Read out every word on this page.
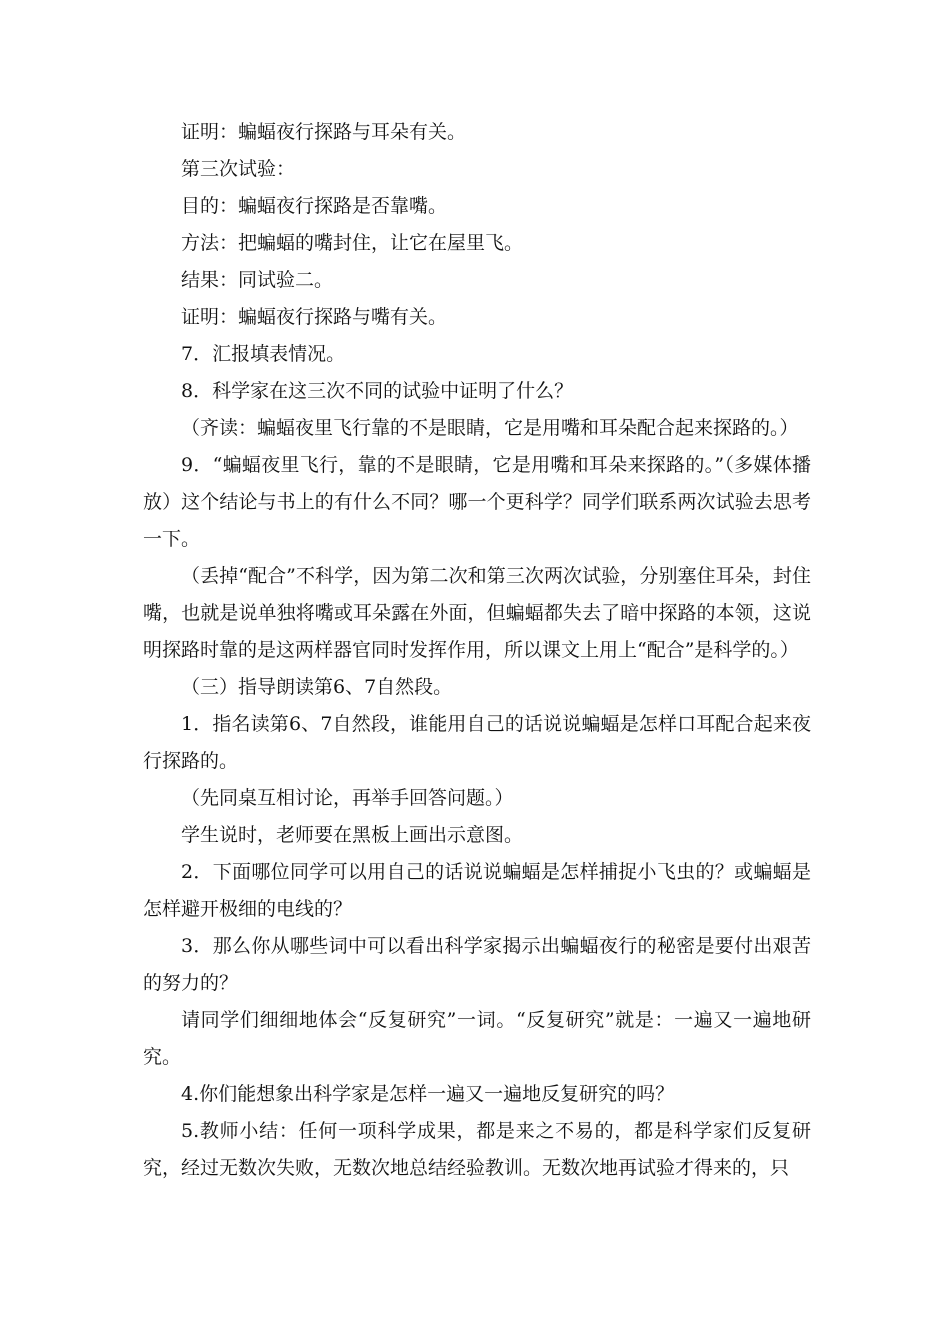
证明：蝙蝠夜行探路与耳朵有关。

第三次试验：

目的：蝙蝠夜行探路是否靠嘴。

方法：把蝙蝠的嘴封住，让它在屋里飞。

结果：同试验二。

证明：蝙蝠夜行探路与嘴有关。

7．汇报填表情况。

8．科学家在这三次不同的试验中证明了什么？

（齐读：蝙蝠夜里飞行靠的不是眼睛，它是用嘴和耳朵配合起来探路的。）

9．“蝙蝠夜里飞行，靠的不是眼睛，它是用嘴和耳朵来探路的。”（多媒体播放）这个结论与书上的有什么不同？哪一个更科学？同学们联系两次试验去思考一下。

（丢掉“配合”不科学，因为第二次和第三次两次试验，分别塞住耳朵，封住嘴，也就是说单独将嘴或耳朵露在外面，但蝙蝠都失去了暗中探路的本领，这说明探路时靠的是这两样器官同时发挥作用，所以课文上用上“配合”是科学的。）

（三）指导朗读第6、7自然段。

1．指名读第6、7自然段，谁能用自己的话说说蝙蝠是怎样口耳配合起来夜行探路的。

（先同桌互相讨论，再举手回答问题。）

学生说时，老师要在黑板上画出示意图。

2．下面哪位同学可以用自己的话说说蝙蝠是怎样捕捉小飞虫的？或蝙蝠是怎样避开极细的电线的？

3．那么你从哪些词中可以看出科学家揭示出蝙蝠夜行的秘密是要付出艰苦的努力的？

请同学们细细地体会“反复研究”一词。“反复研究”就是：一遍又一遍地研究。

4.你们能想象出科学家是怎样一遍又一遍地反复研究的吗？

5.教师小结：任何一项科学成果，都是来之不易的，都是科学家们反复研究，经过无数次失败，无数次地总结经验教训。无数次地再试验才得来的，只
